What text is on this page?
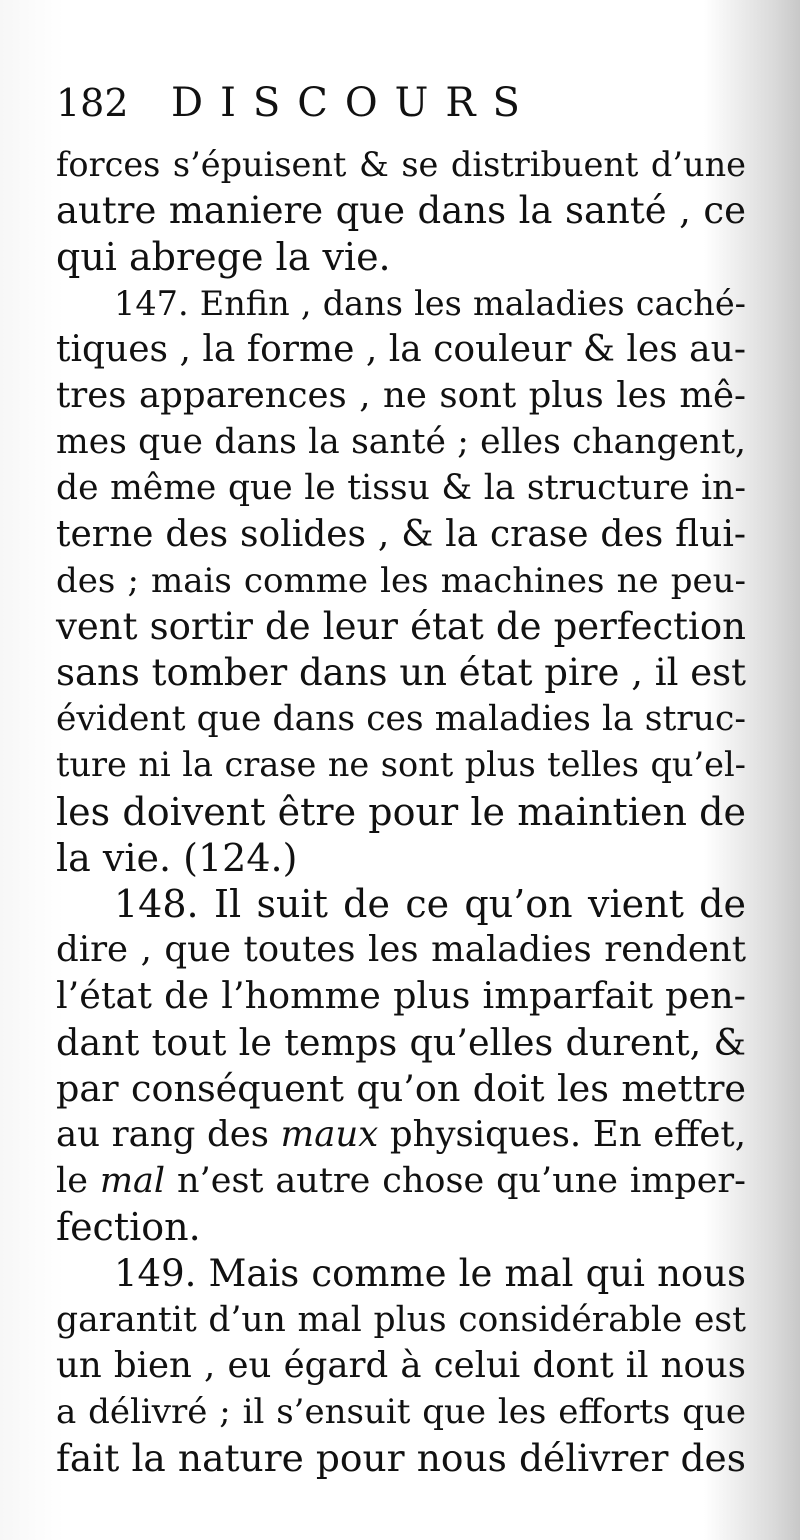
182	DISCOURS
forces s’épuisent & se distribuent d’une
autre maniere que dans la santé , ce
qui abrege la vie.
147. Enfin , dans les maladies caché-
tiques , la forme , la couleur & les au-
tres apparences , ne sont plus les mê-
mes que dans la santé ; elles changent,
de même que le tissu & la structure in-
terne des solides , & la crase des flui-
des ; mais comme les machines ne peu-
vent sortir de leur état de perfection
sans tomber dans un état pire , il est
évident que dans ces maladies la struc-
ture ni la crase ne sont plus telles qu’el-
les doivent être pour le maintien de
la vie. (124.)
148. Il suit de ce qu’on vient de
dire , que toutes les maladies rendent
l’état de l’homme plus imparfait pen-
dant tout le temps qu’elles durent, &
par conséquent qu’on doit les mettre
au rang des maux physiques. En effet,
le mal n’est autre chose qu’une imper-
fection.
149. Mais comme le mal qui nous
garantit d’un mal plus considérable est
un bien , eu égard à celui dont il nous
a délivré ; il s’ensuit que les efforts que
fait la nature pour nous délivrer des
